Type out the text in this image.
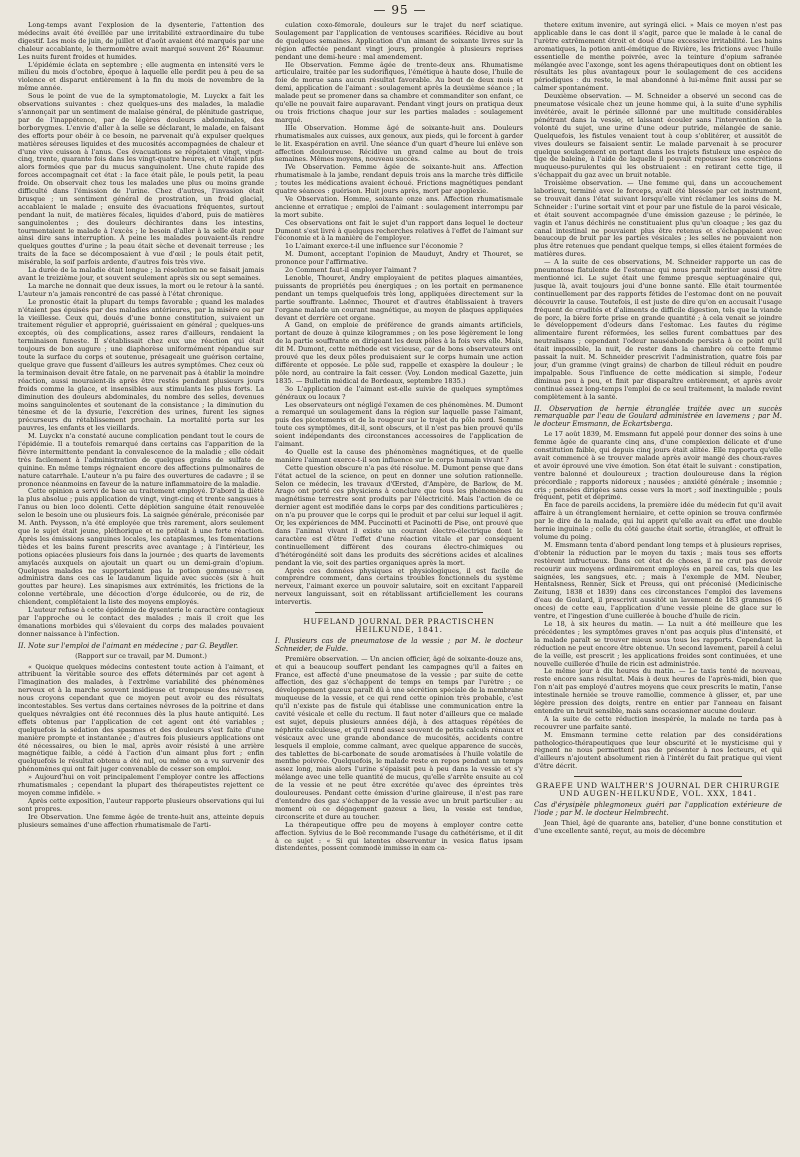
— 95 —

Long-temps avant l'explosion de la dysenterie, l'attention des médecins avait été éveillée par une irritabilité extraordinaire du tube digestif. Les mois de juin, de juillet et d'août avaient été marqués par une chaleur accablante, le thermomètre avait marqué souvent 26° Réaumur. Les nuits furent froides et humides.

L'épidémie éclata en septembre ; elle augmenta en intensité vers le milieu du mois d'octobre, époque à laquelle elle perdit peu à peu de sa violence et disparut entièrement à la fin du mois de novembre de la même année.

Sous le point de vue de la symptomatologie, M. Luyckx a fait les observations suivantes : chez quelques-uns des malades, la maladie s'annonçait par un sentiment de malaise général, de plénitude gastrique, par de l'inappétence, par de légères douleurs abdominales, des borborygmes. L'envie d'aller à la selle se déclarant, le malade, en faisant des efforts pour obéir à ce besoin, ne parvenait qu'à expulser quelques matières séreuses liquides et des mucosités accompagnées de chaleur et d'une vive cuisson à l'anus. Ces évacuations se répétaient vingt, vingt-cinq, trente, quarante fois dans les vingt-quatre heures, et n'étaient plus alors formées que par du mucus sanguinolent. Une chute rapide des forces accompagnait cet état : la face était pâle, le pouls petit, la peau froide. On observait chez tous les malades une plus ou moins grande difficulté dans l'émission de l'urine. Chez d'autres, l'invasion était brusque ; un sentiment général de prostration, un froid glacial, accablaient le malade ; ensuite des évacuations fréquentes, surtout pendant la nuit, de matières fécales, liquides d'abord, puis de matières sanguinolentes ; des douleurs déchirantes dans les intestins, tourmentaient le malade à l'excès ; le besoin d'aller à la selle était pour ainsi dire sans interruption. À peine les malades pouvaient-ils rendre quelques gouttes d'urine ; la peau était sèche et devenait terreuse ; les traits de la face se décomposaient à vue d'œil ; le pouls était petit, misérable, la soif parfois ardente, d'autres fois très vive.

La durée de la maladie était longue ; la résolution ne se faisait jamais avant le treizième jour, et souvent seulement après six ou sept semaines.

La marche ne donnait que deux issues, la mort ou le retour à la santé. L'auteur n'a jamais rencontré de cas passé à l'état chronique.

Le pronostic était la plupart du temps favorable ; quand les malades n'étaient pas épuisés par des maladies antérieures, par la misère ou par la vieillesse. Ceux qui, doués d'une bonne constitution, suivaient un traitement régulier et approprié, guérissaient en général ; quelques-uns exceptés, où des complications, assez rares d'ailleurs, rendaient la terminaison funeste. Il s'établissait chez eux une réaction qui était toujours de bon augure ; une diaphorèse uniformément répandue sur toute la surface du corps et soutenue, présageait une guérison certaine, quelque grave que fussent d'ailleurs les autres symptômes. Chez ceux où la terminaison devait être fatale, on ne parvenait pas à établir la moindre réaction, aussi mouraient-ils après être restés pendant plusieurs jours froids comme la glace, et insensibles aux stimulants les plus forts. La diminution des douleurs abdominales, du nombre des selles, devenues moins sanguinolentes et soutenant de la consistance ; la diminution du ténesme et de la dysurie, l'excrétion des urines, furent les signes précurseurs du rétablissement prochain. La mortalité porta sur les pauvres, les enfants et les vieillards.

M. Luyckx n'a constaté aucune complication pendant tout le cours de l'épidémie. Il a toutefois remarqué dans certains cas l'apparition de la fièvre intermittente pendant la convalescence de la maladie ; elle cédait très facilement à l'administration de quelques grains de sulfate de quinine. En même temps régnaient encore des affections pulmonaires de nature catarrhale. L'auteur n'a pu faire des ouvertures de cadavre ; il se prononce néanmoins en faveur de la nature inflammatoire de la maladie.

Cette opinion a servi de base au traitement employé. D'abord la diète la plus absolue ; puis application de vingt, vingt-cinq et trente sangsues à l'anus ou bien loco dolenti. Cette déplétion sanguine était renouvelée selon le besoin une ou plusieurs fois. La saignée générale, préconisée par M. Anth. Peysson, n'a été employée que très rarement, alors seulement que le sujet était jeune, pléthorique et ne prêtait à une forte réaction. Après les émissions sanguines locales, les cataplasmes, les fomentations tièdes et les bains furent prescrits avec avantage ; à l'intérieur, les potions opiacées plusieurs fois dans la journée ; des quarts de lavements amylacés auxquels on ajoutait un quart ou un demi-grain d'opium. Quelques malades ne supportaient pas la potion gommeuse : on administra dans ces cas le laudanum liquide avec succès (six à huit gouttes par heure). Les sinapismes aux extrémités, les frictions de la colonne vertébrale, une décoction d'orge édulcorée, ou de riz, de chiendent, complétaient la liste des moyens employés.

L'auteur refuse à cette épidémie de dysenterie le caractère contagieux par l'approche ou le contact des malades ; mais il croit que les émanations morbides qui s'élevaient du corps des malades pouvaient donner naissance à l'infection.

II. Note sur l'emploi de l'aimant en médecine ; par G. Beydler.
(Rapport sur ce travail, par M. Dumont.)

« Quoique quelques médecins contestent toute action à l'aimant, et attribuent la véritable source des effets déterminés par cet agent à l'imagination des malades, à l'extrême variabilité des phénomènes nerveux et à la marche souvent insidieuse et trompeuse des névroses, nous croyons cependant que ce moyen peut avoir eu des résultats incontestables. Ses vertus dans certaines névroses de la poitrine et dans quelques névralgies ont été reconnues dès la plus haute antiquité. Les effets obtenus par l'application de cet agent ont été variables ; quelquefois la sédation des spasmes et des douleurs s'est faite d'une manière prompte et instantanée ; d'autres fois plusieurs applications ont été nécessaires, ou bien le mal, après avoir résisté à une arrière magnétique faible, a cédé à l'action d'un aimant plus fort ; enfin quelquefois le résultat obtenu a été nul, ou même on a vu survenir des phénomènes qui ont fait juger convenable de cesser son emploi.

» Aujourd'hui on voit principalement l'employer contre les affections rhumatismales ; cependant la plupart des thérapeutistes rejettent ce moyen comme infidèle. »

Après cette exposition, l'auteur rapporte plusieurs observations qui lui sont propres.

Ire Observation. Une femme âgée de trente-huit ans, atteinte depuis plusieurs semaines d'une affection rhumatismale de l'arti-

culation coxo-fémorale, douleurs sur le trajet du nerf sciatique. Soulagement par l'application de ventouses scarifiées. Récidive au bout de quelques semaines. Application d'un aimant de soixante livres sur la région affectée pendant vingt jours, prolongée à plusieurs reprises pendant une demi-heure : mal amendement.

IIe Observation. Femme âgée de trente-deux ans. Rhumatisme articulaire, traitée par les sudorifiques, l'émétique à haute dose, l'huile de foie de morue sans aucun résultat favorable. Au bout de deux mois et demi, application de l'aimant : soulagement après la deuxième séance ; la malade peut se promener dans sa chambre et commanditer son enfant, ce qu'elle ne pouvait faire auparavant. Pendant vingt jours on pratiqua deux ou trois frictions chaque jour sur les parties malades : soulagement marqué.

IIIe Observation. Homme âgé de soixante-huit ans. Douleurs rhumatismales aux cuisses, aux genoux, aux pieds, qui le forcent à garder le lit. Exaspération en avril. Une séance d'un quart d'heure lui enlève son affection douloureuse. Récidive un grand calme au bout de trois semaines. Mêmes moyens, nouveau succès.

IVe Observation. Femme âgée de soixante-huit ans. Affection rhumatismale à la jambe, rendant depuis trois ans la marche très difficile ; toutes les médications avaient échoué. Frictions magnétiques pendant quatre séances : guérison. Huit jours après, mort par apoplexie.

Ve Observation. Homme, soixante onze ans. Affection rhumatismale ancienne et erratique ; emploi de l'aimant : soulagement interrompu par la mort subite.

Ces observations ont fait le sujet d'un rapport dans lequel le docteur Dumont s'est livré à quelques recherches relatives à l'effet de l'aimant sur l'économie et à la manière de l'employer.

1o L'aimant exerce-t-il une influence sur l'économie ?

M. Dumont, acceptant l'opinion de Mauduyt, Andry et Thouret, se prononce pour l'affirmative.

2o Comment faut-il employer l'aimant ?

Lenoble, Thouret, Andry employaient de petites plaques aimantées, puissants de propriétés peu énergiques ; on les portait en permanence pendant un temps quelquefois très long, appliquées directement sur la partie souffrante. Laënnec, Thouret et d'autres établissaient à travers l'organe malade un courant magnétique, au moyen de plaques appliquées devant et derrière cet organe.

A Gand, on emploie de préférence de grands aimants artificiels, portant de douze à quinze kilogrammes ; on les pose légèrement le long de la partie souffrante en dirigeant les deux pôles à la fois vers elle. Mais, dit M. Dumont, cette méthode est vicieuse, car de bons observateurs ont prouvé que les deux pôles produisaient sur le corps humain une action différente et opposée. Le pôle sud, rappelle et exaspère la douleur ; le pôle nord, au contraire la fait cesser. (Voy. London medical Gazette, juin 1835. — Bulletin médical de Bordeaux, septembre 1835.)

3o L'application de l'aimant est-elle suivie de quelques symptômes généraux ou locaux ?

Les observateurs ont négligé l'examen de ces phénomènes. M. Dumont a remarqué un soulagement dans la région sur laquelle passe l'aimant, puis des picotements et de la rougeur sur le trajet du pôle nord. Somme toute ces symptômes, dit-il, sont obscurs, et il n'est pas bien prouvé qu'ils soient indépendants des circonstances accessoires de l'application de l'aimant.

4o Quelle est la cause des phénomènes magnétiques, et de quelle manière l'aimant exerce-t-il son influence sur le corps humain vivant ?

Cette question obscure n'a pas été résolue. M. Dumont pense que dans l'état actuel de la science, on peut en donner une solution rationnelle. Selon ce médecin, les travaux d'Œrsted, d'Ampère, de Barlow, de M. Arago ont porté ces physiciens à conclure que tous les phénomènes du magnétisme terrestre sont produits par l'électricité. Mais l'action de ce dernier agent est modifiée dans le corps par des conditions particulières ; on n'a pu prouver que le corps qui le produit et par celui sur lequel il agit. Or, les expériences de MM. Puccinotti et Pacinotti de Pise, ont prouvé que dans l'animal vivant il existe un courant électro-électrique dont le caractère est d'être l'effet d'une réaction vitale et par conséquent continuellement différent des courans électro-chimiques ou d'hétérogénéité soit dans les produits des sécrétions acides et alcalines pendant la vie, soit des parties organiques après la mort.

Après ces données physiques et physiologiques, il est facile de comprendre comment, dans certains troubles fonctionnels du système nerveux, l'aimant exerce un pouvoir salutaire, soit en excitant l'appareil nerveux languissant, soit en rétablissant artificiellement les courans intervertis.

HUFELAND JOURNAL DER PRACTISCHEN HEILKUNDE, 1841.
I. Plusieurs cas de pneumatose de la vessie ; par M. le docteur Schneider, de Fulde.

Première observation. — Un ancien officier, âgé de soixante-douze ans, et qui a beaucoup souffert pendant les campagnes qu'il a faites en France, est affecté d'une pneumatose de la vessie ; par suite de cette affection, des gaz s'échappent de temps en temps par l'urètre ; ce développement gazeux paraît dû à une sécrétion spéciale de la membrane muqueuse de la vessie, et ce qui rend cette opinion très probable, c'est qu'il n'existe pas de fistule qui établisse une communication entre la cavité vésicale et celle du rectum. Il faut noter d'ailleurs que ce malade est sujet, depuis plusieurs années déjà, à des attaques répétées de néphrite calculeuse, et qu'il rend assez souvent de petits calculs rénaux et vésicaux avec une grande abondance de mucosités, accidents contre lesquels il emploie, comme calmant, avec quelque apparence de succès, des tablettes de bi-carbonate de soude aromatisées à l'huile volatile de menthe poivrée. Quelquefois, le malade reste en repos pendant un temps assez long, mais alors l'urine s'épaissit peu à peu dans la vessie et s'y mélange avec une telle quantité de mucus, qu'elle s'arrête ensuite au col de la vessie et ne peut être excrétée qu'avec des épreintes très douloureuses. Pendant cette émission d'urine glaireuse, il n'est pas rare d'entendre des gaz s'échapper de la vessie avec un bruit particulier : au moment où ce dégagement gazeux a lieu, la vessie est tendue, circonscrite et dure au toucher.

La thérapeutique offre peu de moyens à employer contre cette affection. Sylvius de le Boë recommande l'usage du cathétérisme, et il dit à ce sujet : « Si qui latentes observentur in vesica flatus ipsam distendentes, possent commodè immisso in eam ca-

thetere exitum invenire, aut syringâ elici. » Mais ce moyen n'est pas applicable dans le cas dont il s'agit, parce que le malade à le canal de l'urètre extrêmement étroit et doué d'une excessive irritabilité. Les bains aromatiques, la potion anti-émétique de Rivière, les frictions avec l'huile essentielle de menthe poivrée, avec la teinture d'opium safranée mélangée avec l'axonge, sont les agens thérapeutiques dont on obtient les résultats les plus avantageux pour le soulagement de ces accidens périodiques : du reste, le mal abandonné à lui-même finit aussi par se calmer spontanément.

Deuxième observation. — M. Schneider a observé un second cas de pneumatose vésicale chez un jeune homme qui, à la suite d'une syphilis invétérée, avait le périnée sillonné par une multitude considérables pénétrant dans la vessie, et laissant écouler sans l'intervention de la volonté du sujet, une urine d'une odeur putride, mélangée de sanie. Quelquefois, les fistules venaient tout à coup s'oblitérer, et aussitôt de vives douleurs se faisaient sentir. Le malade parvenait à se procurer quelque soulagement en portant dans les trajets fistuleux une espèce de tige de baleine, à l'aide de laquelle il pouvait repousser les concrétions muqueuso-purulentes qui les obstruaient : en retirant cette tige, il s'échappait du gaz avec un bruit notable.

Troisième observation. — Une femme qui, dans un accouchement laborieux, terminé avec le forceps, avait été blessée par cet instrument, se trouvait dans l'état suivant lorsqu'elle vint réclamer les soins de M. Schneider : l'urine sortait vint et pour par une fistule de la paroi vésicale, et était souvent accompagnée d'une émission gazeuse ; le périnée, le vagin et l'anus déchirés ne constituaient plus qu'un cloaque ; les gaz du canal intestinal ne pouvaient plus être retenus et s'échappaient avec beaucoup de bruit par les parties vésicales ; les selles ne pouvaient non plus être retenues que pendant quelque temps, si elles étaient formées de matières dures.

— A la suite de ces observations, M. Schneider rapporte un cas de pneumatose flatulente de l'estomac qui nous paraît mériter aussi d'être mentionné ici. Le sujet était une femme presque septuagénaire qui, jusque là, avait toujours joui d'une bonne santé. Elle était tourmentée continuellement par des rapports fétides de l'estomac dont on ne pouvait découvrir la cause. Toutefois, il est juste de dire qu'on en accusait l'usage fréquent de crudités et d'aliments de difficile digestion, tels que la viande de porc, la bière forte prise en grande quantité ; à cela venait se joindre le développement d'odeurs dans l'estomac. Les fautes du régime alimentaire furent réformées, les selles furent combattues par des neutralisans ; cependant l'odeur nauséabonde persista à ce point qu'il était impossible, la nuit, de rester dans la chambre où cette femme passait la nuit. M. Schneider prescrivit l'administration, quatre fois par jour, d'un gramme (vingt grains) de charbon de tilleul réduit en poudre impalpable. Sous l'influence de cette médication si simple, l'odeur diminua peu à peu, et finit par disparaître entièrement, et après avoir continué assez long-temps l'emploi de ce seul traitement, la malade revint complètement à la santé.

II. Observation de hernie étranglée traitée avec un succès remarquable par l'eau de Goulard administrée en lavemens ; par M. le docteur Emsmann, de Eckartsberga.

Le 17 août 1839, M. Emsmann fut appelé pour donner des soins à une femme âgée de quarante cinq ans, d'une complexion délicate et d'une constitution faible, qui depuis cinq jours était alitée. Elle rapporta qu'elle avait commencé à se trouver malade après avoir mangé des choux-raves et avoir éprouvé une vive émotion. Son état était le suivant : constipation, ventre balonné et douloureux ; traction douloureuse dans la région précordiale ; rapports nidoreux ; nausées ; anxiété générale ; insomnie ; cris ; pensées dirigées sans cesse vers la mort ; soif inextinguible ; pouls fréquent, petit et déprimé.

En face de pareils accidens, la première idée du médecin fut qu'il avait affaire à un étranglement herniaire, et cette opinion se trouva confirmée par le dire de la malade, qui lui apprit qu'elle avait eu effet une double hernie inguinale ; celle du côté gauche était sortie, étranglée, et offrait le volume du poing.

M. Emsmann tenta d'abord pendant long temps et à plusieurs reprises, d'obtenir la réduction par le moyen du taxis ; mais tous ses efforts restèrent infructueux. Dans cet état de choses, il ne crut pas devoir recourir aux moyens ordinairement employés en pareil cas, tels que les saignées, les sangsues, etc. ; mais à l'exemple de MM. Neuber, Hentalsness, Renner, Sick et Preuss, qui ont préconisé (Medicinische Zeitung, 1838 et 1839) dans ces circonstances l'emploi des lavemens d'eau de Goulard, il prescrivit aussitôt un lavement de 183 grammes (6 onces) de cette eau, l'application d'une vessie pleine de glace sur le ventre, et l'ingestion d'une cuillerée à bouche d'huile de ricin.

Le 18, à six heures du matin. — La nuit a été meilleure que les précédentes ; les symptômes graves n'ont pas acquis plus d'intensité, et la malade paraît se trouver mieux sous tous les rapports. Cependant la réduction ne peut encore être obtenue. Un second lavement, pareil à celui de la veille, est prescrit ; les applications froides sont continuées, et une nouvelle cuillerée d'huile de ricin est administrée.

Le même jour à dix heures du matin. — Le taxis tenté de nouveau, reste encore sans résultat. Mais à deux heures de l'après-midi, bien que l'on n'ait pas employé d'autres moyens que ceux prescrits le matin, l'anse intestinale herniée se trouve ramollie, commence à glisser, et, par une légère pression des doigts, rentre en entier par l'anneau en faisant entendre un bruit sensible, mais sans occasionner aucune douleur.

A la suite de cette réduction inespérée, la malade ne tarda pas à recouvrer une parfaite santé.

M. Emsmann termine cette relation par des considérations pathologico-thérapeutiques que leur obscurité et le mysticisme qui y règnent ne nous permettent pas de présenter à nos lecteurs, et qui d'ailleurs n'ajoutent absolument rien à l'intérêt du fait pratique qui vient d'être décrit.

GRAEFE UND WALTHER'S JOURNAL DER CHIRURGIE UND AUGEN-HEILKUNDE, VOL. XXX, 1841.
Cas d'érysipèle phlegmoneux guéri par l'application extérieure de l'iode ; par M. le docteur Helmbrecht.

Jean Thiel, âgé de quarante ans, batelier, d'une bonne constitution et d'une excellente santé, reçut, au mois de décembre
